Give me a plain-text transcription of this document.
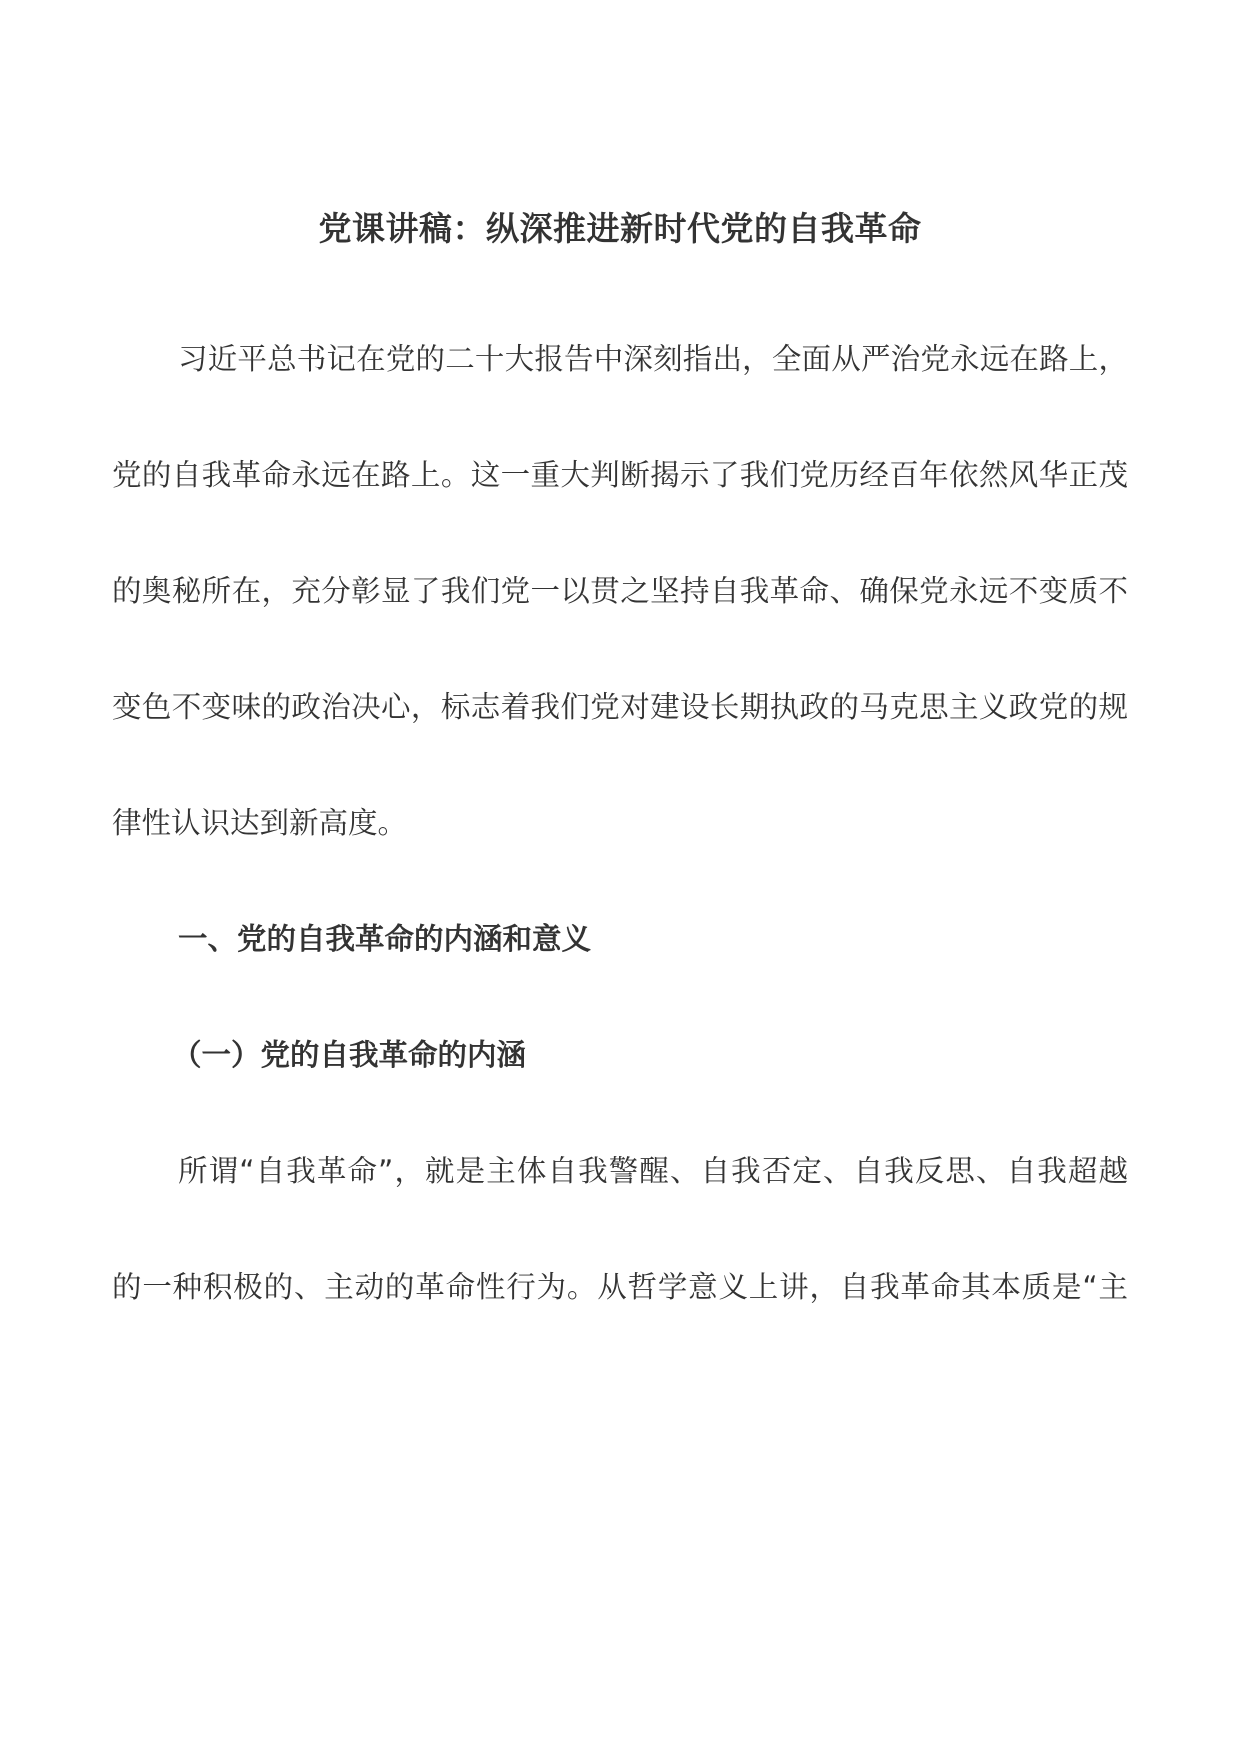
党课讲稿：纵深推进新时代党的自我革命
习近平总书记在党的二十大报告中深刻指出，全面从严治党永远在路上，
党的自我革命永远在路上。这一重大判断揭示了我们党历经百年依然风华正茂
的奥秘所在，充分彰显了我们党一以贯之坚持自我革命、确保党永远不变质不
变色不变味的政治决心，标志着我们党对建设长期执政的马克思主义政党的规
律性认识达到新高度。
一、党的自我革命的内涵和意义
（一）党的自我革命的内涵
所谓“自我革命”，就是主体自我警醒、自我否定、自我反思、自我超越
的一种积极的、主动的革命性行为。从哲学意义上讲，自我革命其本质是“主
